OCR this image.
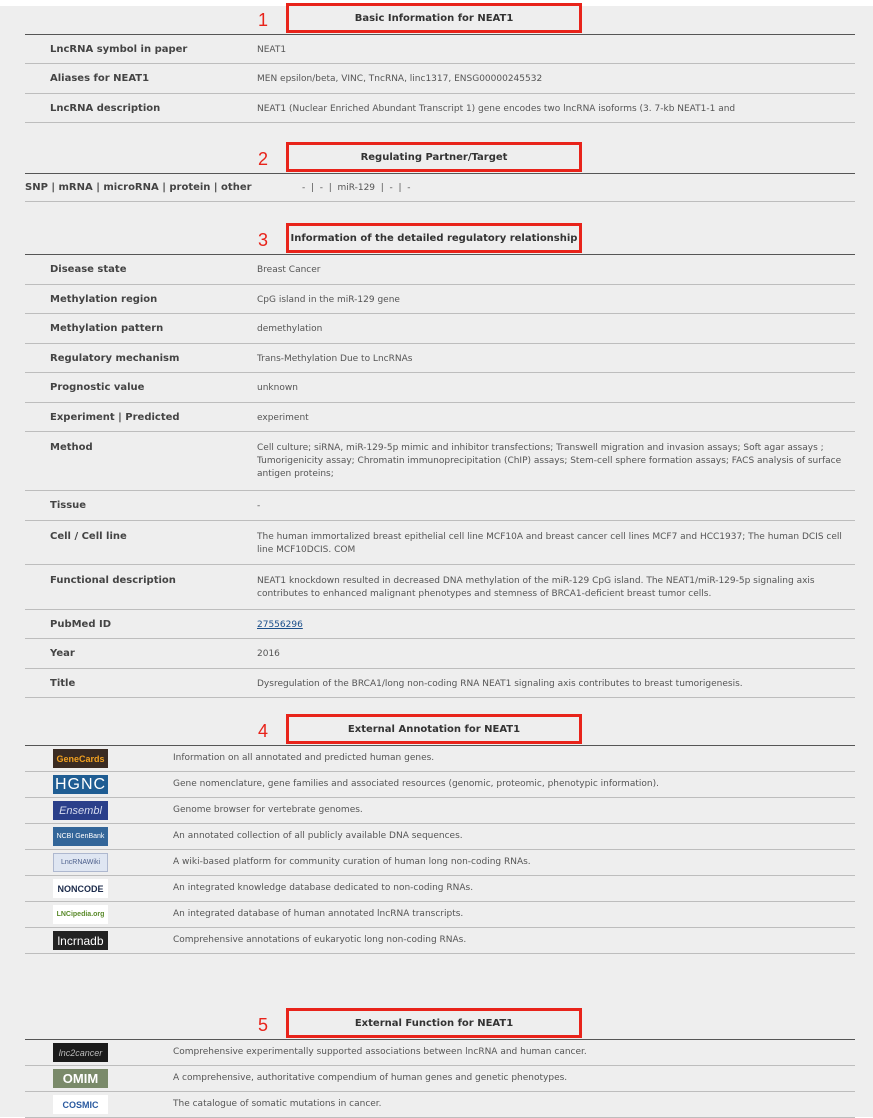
1	Basic Information for NEAT1
LncRNA symbol in paper	NEAT1
Aliases for NEAT1	MEN epsilon/beta, VINC, TncRNA, linc1317, ENSG00000245532
LncRNA description	NEAT1 (Nuclear Enriched Abundant Transcript 1) gene encodes two lncRNA isoforms (3. 7-kb NEAT1-1 and
2	Regulating Partner/Target
SNP | mRNA | microRNA | protein | other	-  |  -  |  miR-129  |  -  |  -
3	Information of the detailed regulatory relationship
Disease state	Breast Cancer
Methylation region	CpG island in the miR-129 gene
Methylation pattern	demethylation
Regulatory mechanism	Trans-Methylation Due to LncRNAs
Prognostic value	unknown
Experiment | Predicted	experiment
Method	Cell culture; siRNA, miR-129-5p mimic and inhibitor transfections; Transwell migration and invasion assays; Soft agar assays ; Tumorigenicity assay; Chromatin immunoprecipitation (ChIP) assays; Stem-cell sphere formation assays; FACS analysis of surface antigen proteins;
Tissue	-
Cell / Cell line	The human immortalized breast epithelial cell line MCF10A and breast cancer cell lines MCF7 and HCC1937; The human DCIS cell line MCF10DCIS. COM
Functional description	NEAT1 knockdown resulted in decreased DNA methylation of the miR-129 CpG island. The NEAT1/miR-129-5p signaling axis contributes to enhanced malignant phenotypes and stemness of BRCA1-deficient breast tumor cells.
PubMed ID	27556296
Year	2016
Title	Dysregulation of the BRCA1/long non-coding RNA NEAT1 signaling axis contributes to breast tumorigenesis.
4	External Annotation for NEAT1
GeneCards	Information on all annotated and predicted human genes.
HGNC	Gene nomenclature, gene families and associated resources (genomic, proteomic, phenotypic information).
Ensembl	Genome browser for vertebrate genomes.
NCBI GenBank	An annotated collection of all publicly available DNA sequences.
LncRNAWiki	A wiki-based platform for community curation of human long non-coding RNAs.
NONCODE	An integrated knowledge database dedicated to non-coding RNAs.
LNCipedia.org	An integrated database of human annotated lncRNA transcripts.
lncrnadb	Comprehensive annotations of eukaryotic long non-coding RNAs.
5	External Function for NEAT1
lnc2cancer	Comprehensive experimentally supported associations between lncRNA and human cancer.
OMIM	A comprehensive, authoritative compendium of human genes and genetic phenotypes.
COSMIC	The catalogue of somatic mutations in cancer.
